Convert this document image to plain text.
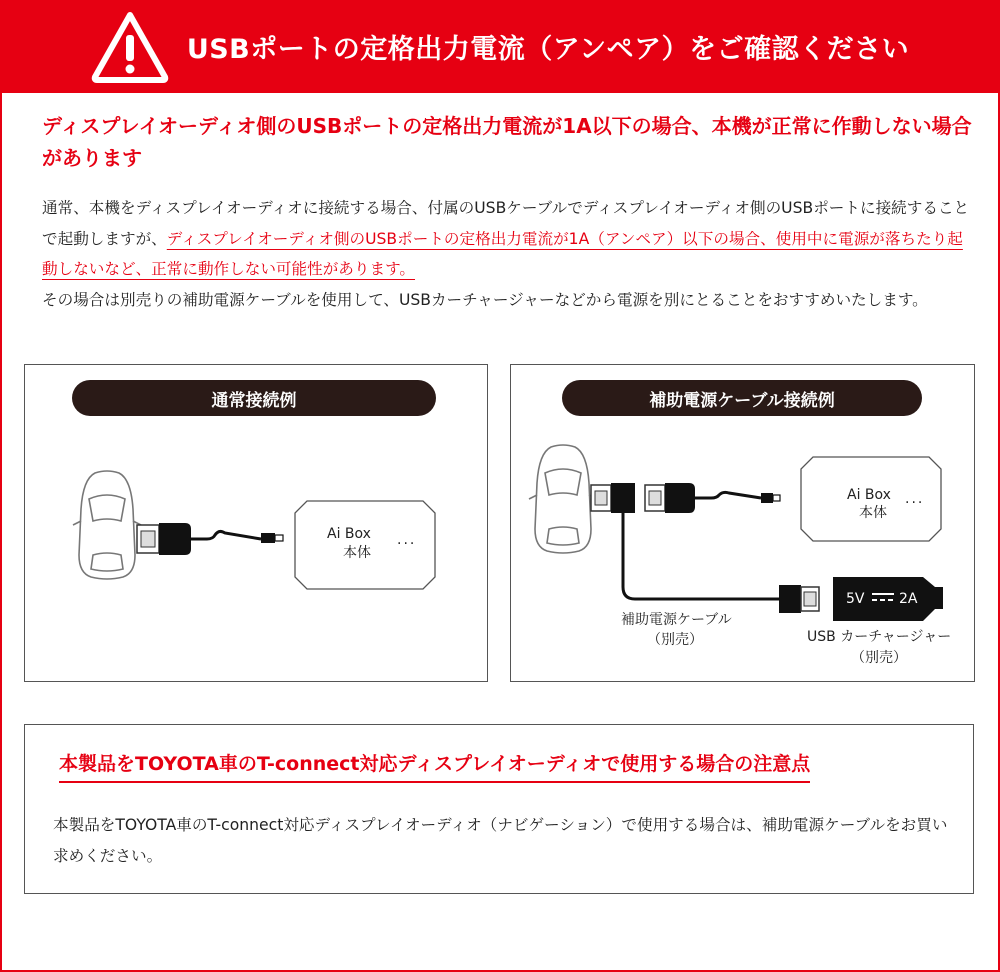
USBポートの定格出力電流（アンペア）をご確認ください
ディスプレイオーディオ側のUSBポートの定格出力電流が1A以下の場合、本機が正常に作動しない場合があります
通常、本機をディスプレイオーディオに接続する場合、付属のUSBケーブルでディスプレイオーディオ側のUSBポートに接続することで起動しますが、ディスプレイオーディオ側のUSBポートの定格出力電流が1A（アンペア）以下の場合、使用中に電源が落ちたり起動しないなど、正常に動作しない可能性があります。
その場合は別売りの補助電源ケーブルを使用して、USBカーチャージャーなどから電源を別にとることをおすすめいたします。
通常接続例
Ai Box
本体
...
補助電源ケーブル接続例
Ai Box
本体
...
5V 2A
補助電源ケーブル
（別売）	USB カーチャージャー
（別売）
本製品をTOYOTA車のT-connect対応ディスプレイオーディオで使用する場合の注意点
本製品をTOYOTA車のT-connect対応ディスプレイオーディオ（ナビゲーション）で使用する場合は、補助電源ケーブルをお買い求めください。
